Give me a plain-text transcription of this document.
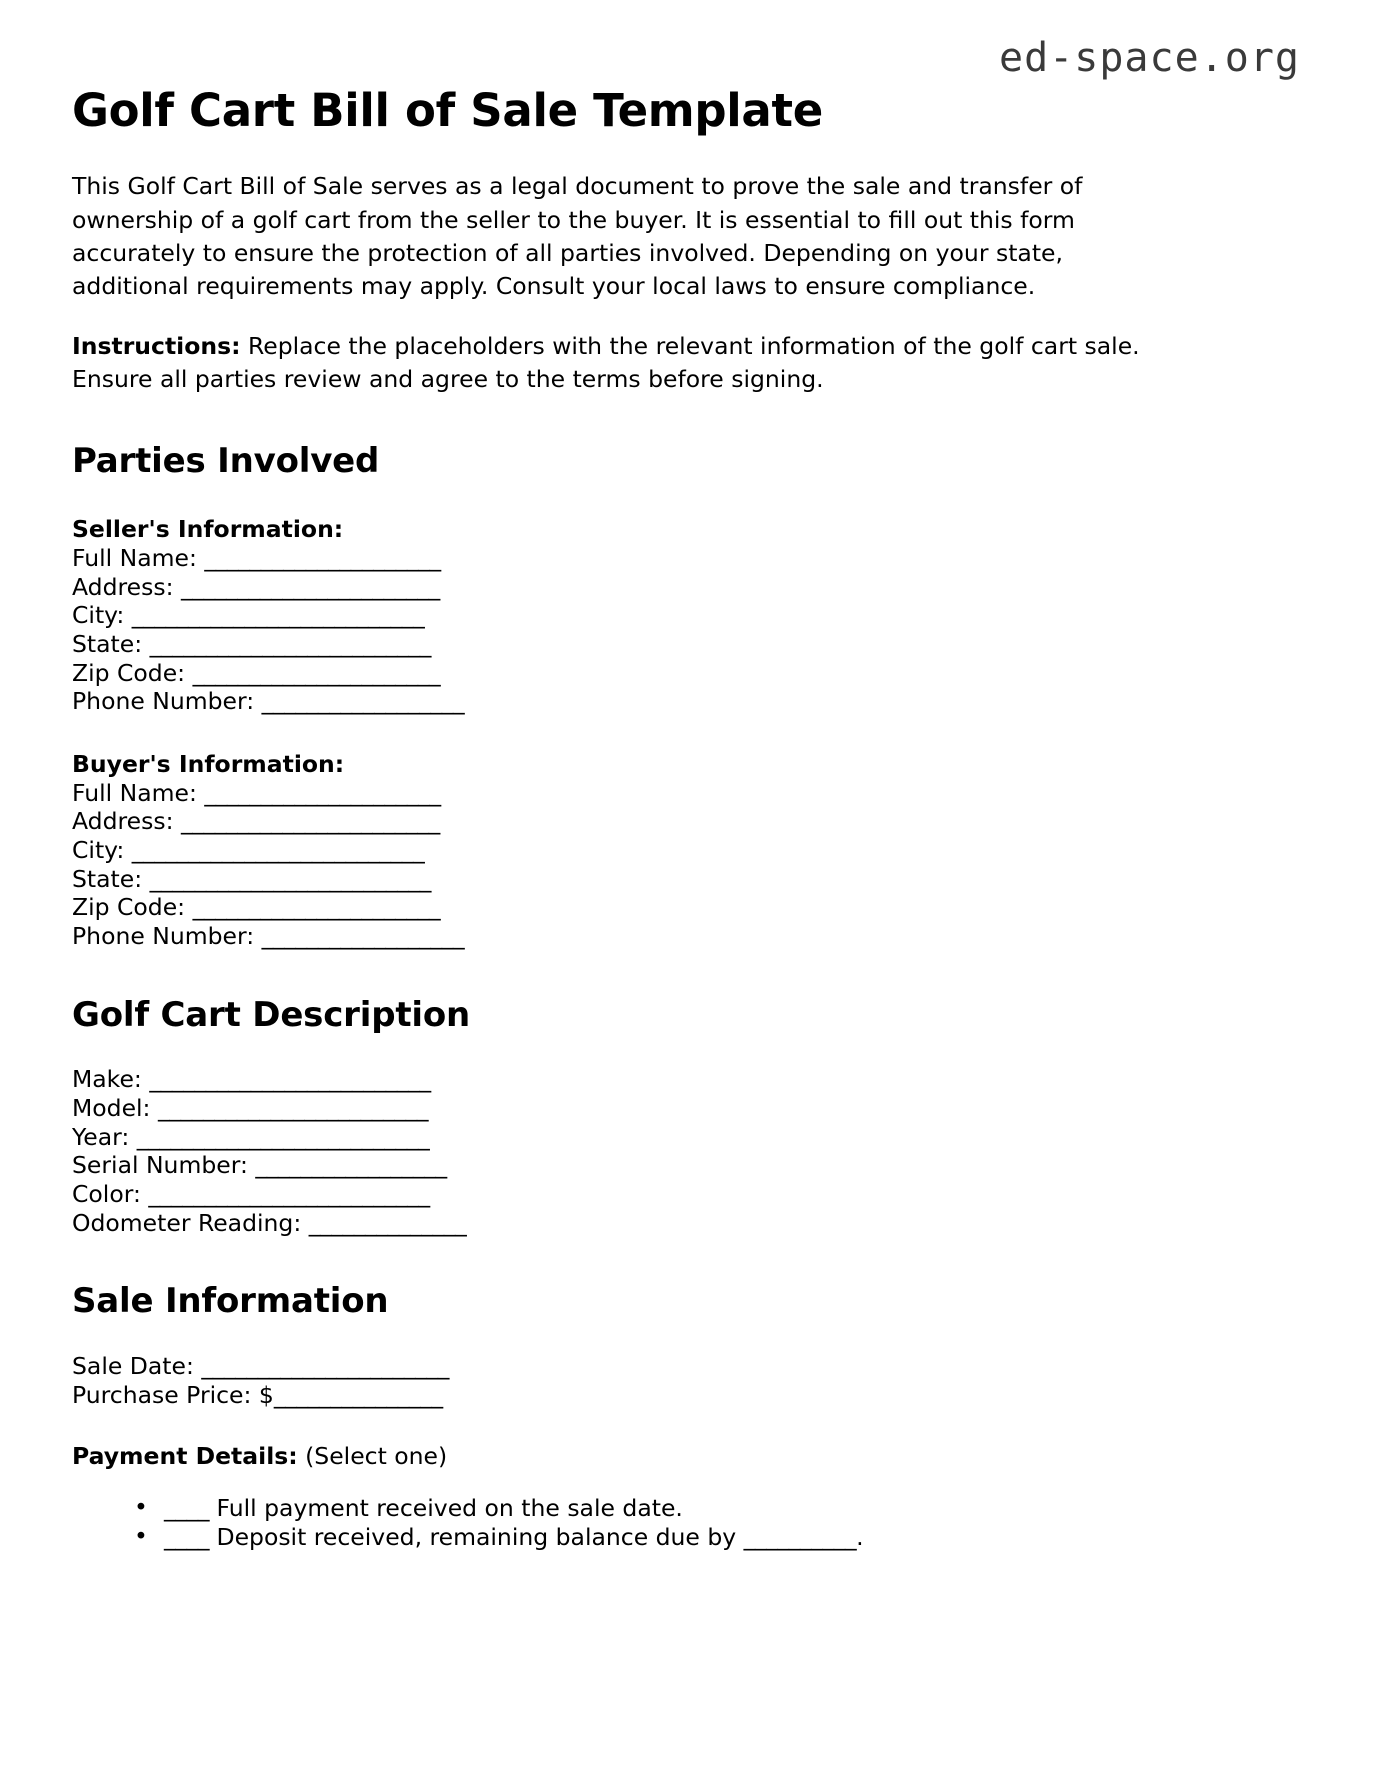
ed-space.org
Golf Cart Bill of Sale Template

This Golf Cart Bill of Sale serves as a legal document to prove the sale and transfer of ownership of a golf cart from the seller to the buyer. It is essential to fill out this form accurately to ensure the protection of all parties involved. Depending on your state, additional requirements may apply. Consult your local laws to ensure compliance.

Instructions: Replace the placeholders with the relevant information of the golf cart sale. Ensure all parties review and agree to the terms before signing.

Parties Involved
Seller's Information:
Full Name: _____________________
Address: _______________________
City: __________________________
State: _________________________
Zip Code: ______________________
Phone Number: __________________
Buyer's Information:
Full Name: _____________________
Address: _______________________
City: __________________________
State: _________________________
Zip Code: ______________________
Phone Number: __________________
Golf Cart Description
Make: _________________________
Model: ________________________
Year: __________________________
Serial Number: _________________
Color: _________________________
Odometer Reading: ______________
Sale Information
Sale Date: ______________________
Purchase Price: $_______________
Payment Details: (Select one)
• ____ Full payment received on the sale date.
• ____ Deposit received, remaining balance due by __________.
